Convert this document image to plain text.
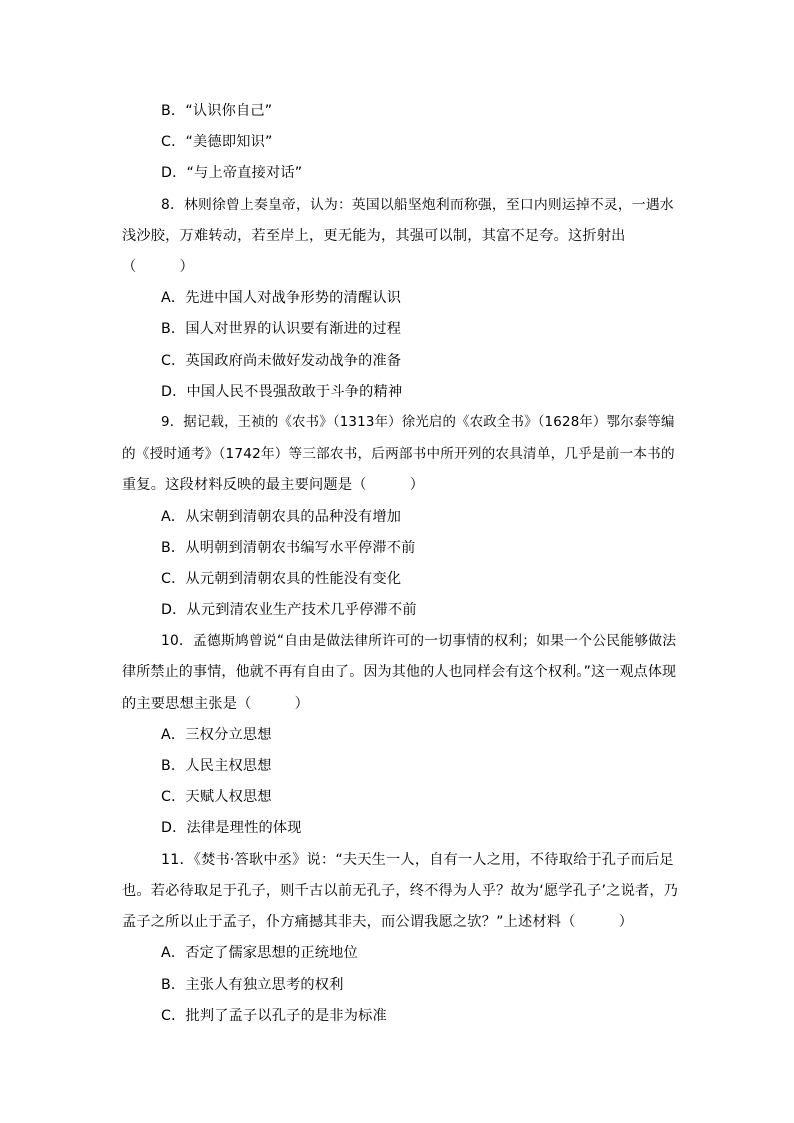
B．“认识你自己”
C．“美德即知识”
D．“与上帝直接对话”
8．林则徐曾上奏皇帝，认为：英国以船坚炮利而称强，至口内则运掉不灵，一遇水
浅沙胶，万难转动，若至岸上，更无能为，其强可以制，其富不足夸。这折射出
（　　　）
A．先进中国人对战争形势的清醒认识
B．国人对世界的认识要有渐进的过程
C．英国政府尚未做好发动战争的准备
D．中国人民不畏强敌敢于斗争的精神
9．据记载，王祯的《农书》（1313年）徐光启的《农政全书》（1628年）鄂尔泰等编
的《授时通考》（1742年）等三部农书，后两部书中所开列的农具清单，几乎是前一本书的
重复。这段材料反映的最主要问题是（　　　）
A．从宋朝到清朝农具的品种没有增加
B．从明朝到清朝农书编写水平停滞不前
C．从元朝到清朝农具的性能没有变化
D．从元到清农业生产技术几乎停滞不前
10．孟德斯鸠曾说“自由是做法律所许可的一切事情的权利；如果一个公民能够做法
律所禁止的事情，他就不再有自由了。因为其他的人也同样会有这个权利。”这一观点体现
的主要思想主张是（　　　）
A．三权分立思想
B．人民主权思想
C．天赋人权思想
D．法律是理性的体现
11．《焚书·答耿中丞》说：“夫天生一人，自有一人之用，不待取给于孔子而后足
也。若必待取足于孔子，则千古以前无孔子，终不得为人乎？故为‘愿学孔子’之说者，乃
孟子之所以止于孟子，仆方痛撼其非夫，而公谓我愿之欤？”上述材料（　　　）
A．否定了儒家思想的正统地位
B．主张人有独立思考的权利
C．批判了孟子以孔子的是非为标准
